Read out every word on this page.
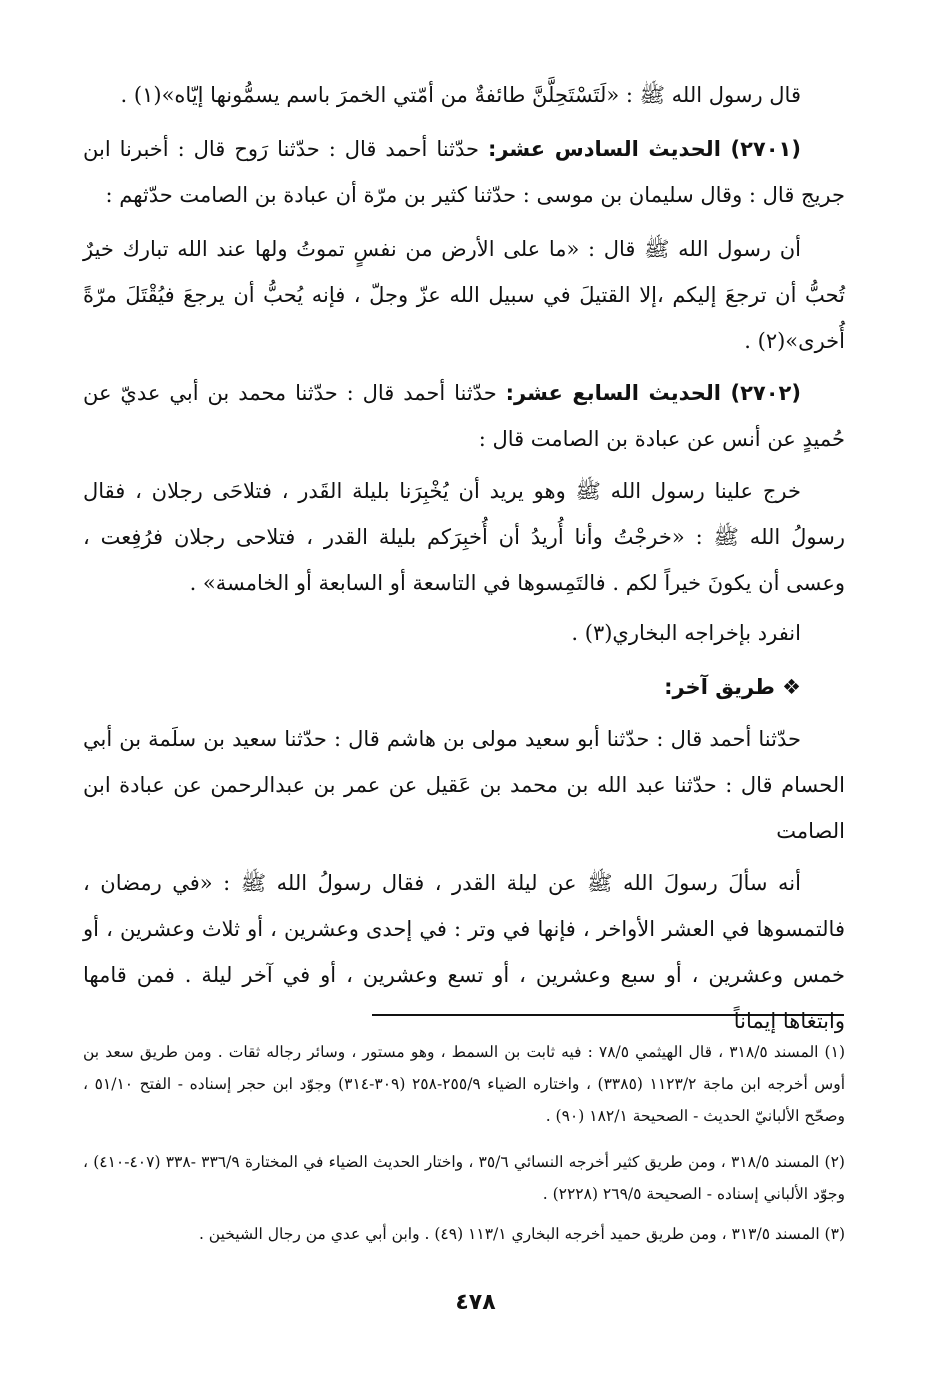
قال رسول الله ﷺ : «لَتَسْتَحِلَّنَّ طائفةٌ من أمّتي الخمرَ باسم يسمُّونها إيّاه»(١) .

(٢٧٠١) الحديث السادس عشر: حدّثنا أحمد قال : حدّثنا رَوح قال : أخبرنا ابن جريج قال : وقال سليمان بن موسى : حدّثنا كثير بن مرّة أن عبادة بن الصامت حدّثهم :

أن رسول الله ﷺ قال : «ما على الأرض من نفسٍ تموتُ ولها عند الله تبارك خيرٌ تُحبُّ أن ترجعَ إليكم ،إلا القتيلَ في سبيل الله عزّ وجلّ ، فإنه يُحبُّ أن يرجعَ فيُقْتَلَ مرّةً أُخرى»(٢) .

(٢٧٠٢) الحديث السابع عشر: حدّثنا أحمد قال : حدّثنا محمد بن أبي عديّ عن حُميدٍ عن أنس عن عبادة بن الصامت قال :

خرج علينا رسول الله ﷺ وهو يريد أن يُخْبِرَنا بليلة القَدر ، فتلاحَى رجلان ، فقال رسولُ الله ﷺ : «خرجْتُ وأنا أُريدُ أن أُخبِرَكم بليلة القدر ، فتلاحى رجلان فرُفِعت ، وعسى أن يكونَ خيراً لكم . فالتَمِسوها في التاسعة أو السابعة أو الخامسة» .

انفرد بإخراجه البخاري(٣) .

❖ طريق آخر:

حدّثنا أحمد قال : حدّثنا أبو سعيد مولى بن هاشم قال : حدّثنا سعيد بن سلَمة بن أبي الحسام قال : حدّثنا عبد الله بن محمد بن عَقيل عن عمر بن عبدالرحمن عن عبادة ابن الصامت

أنه سألَ رسولَ الله ﷺ عن ليلة القدر ، فقال رسولُ الله ﷺ : «في رمضان ، فالتمسوها في العشر الأواخر ، فإنها في وتر : في إحدى وعشرين ، أو ثلاث وعشرين ، أو خمس وعشرين ، أو سبع وعشرين ، أو تسع وعشرين ، أو في آخر ليلة . فمن قامها وابتغاها إيماناً

(١) المسند ٣١٨/٥ ، قال الهيثمي ٧٨/٥ : فيه ثابت بن السمط ، وهو مستور ، وسائر رجاله ثقات . ومن طريق سعد بن أوس أخرجه ابن ماجة ١١٢٣/٢ (٣٣٨٥) ، واختاره الضياء ٢٥٥/٩-٢٥٨ (٣٠٩-٣١٤) وجوّد ابن حجر إسناده - الفتح ٥١/١٠ ، وصحّح الألبانيّ الحديث - الصحيحة ١٨٢/١ (٩٠) .

(٢) المسند ٣١٨/٥ ، ومن طريق كثير أخرجه النسائي ٣٥/٦ ، واختار الحديث الضياء في المختارة ٣٣٦/٩ -٣٣٨ (٤٠٧-٤١٠) ، وجوّد الألباني إسناده - الصحيحة ٢٦٩/٥ (٢٢٢٨) .

(٣) المسند ٣١٣/٥ ، ومن طريق حميد أخرجه البخاري ١١٣/١ (٤٩) . وابن أبي عدي من رجال الشيخين .

٤٧٨
